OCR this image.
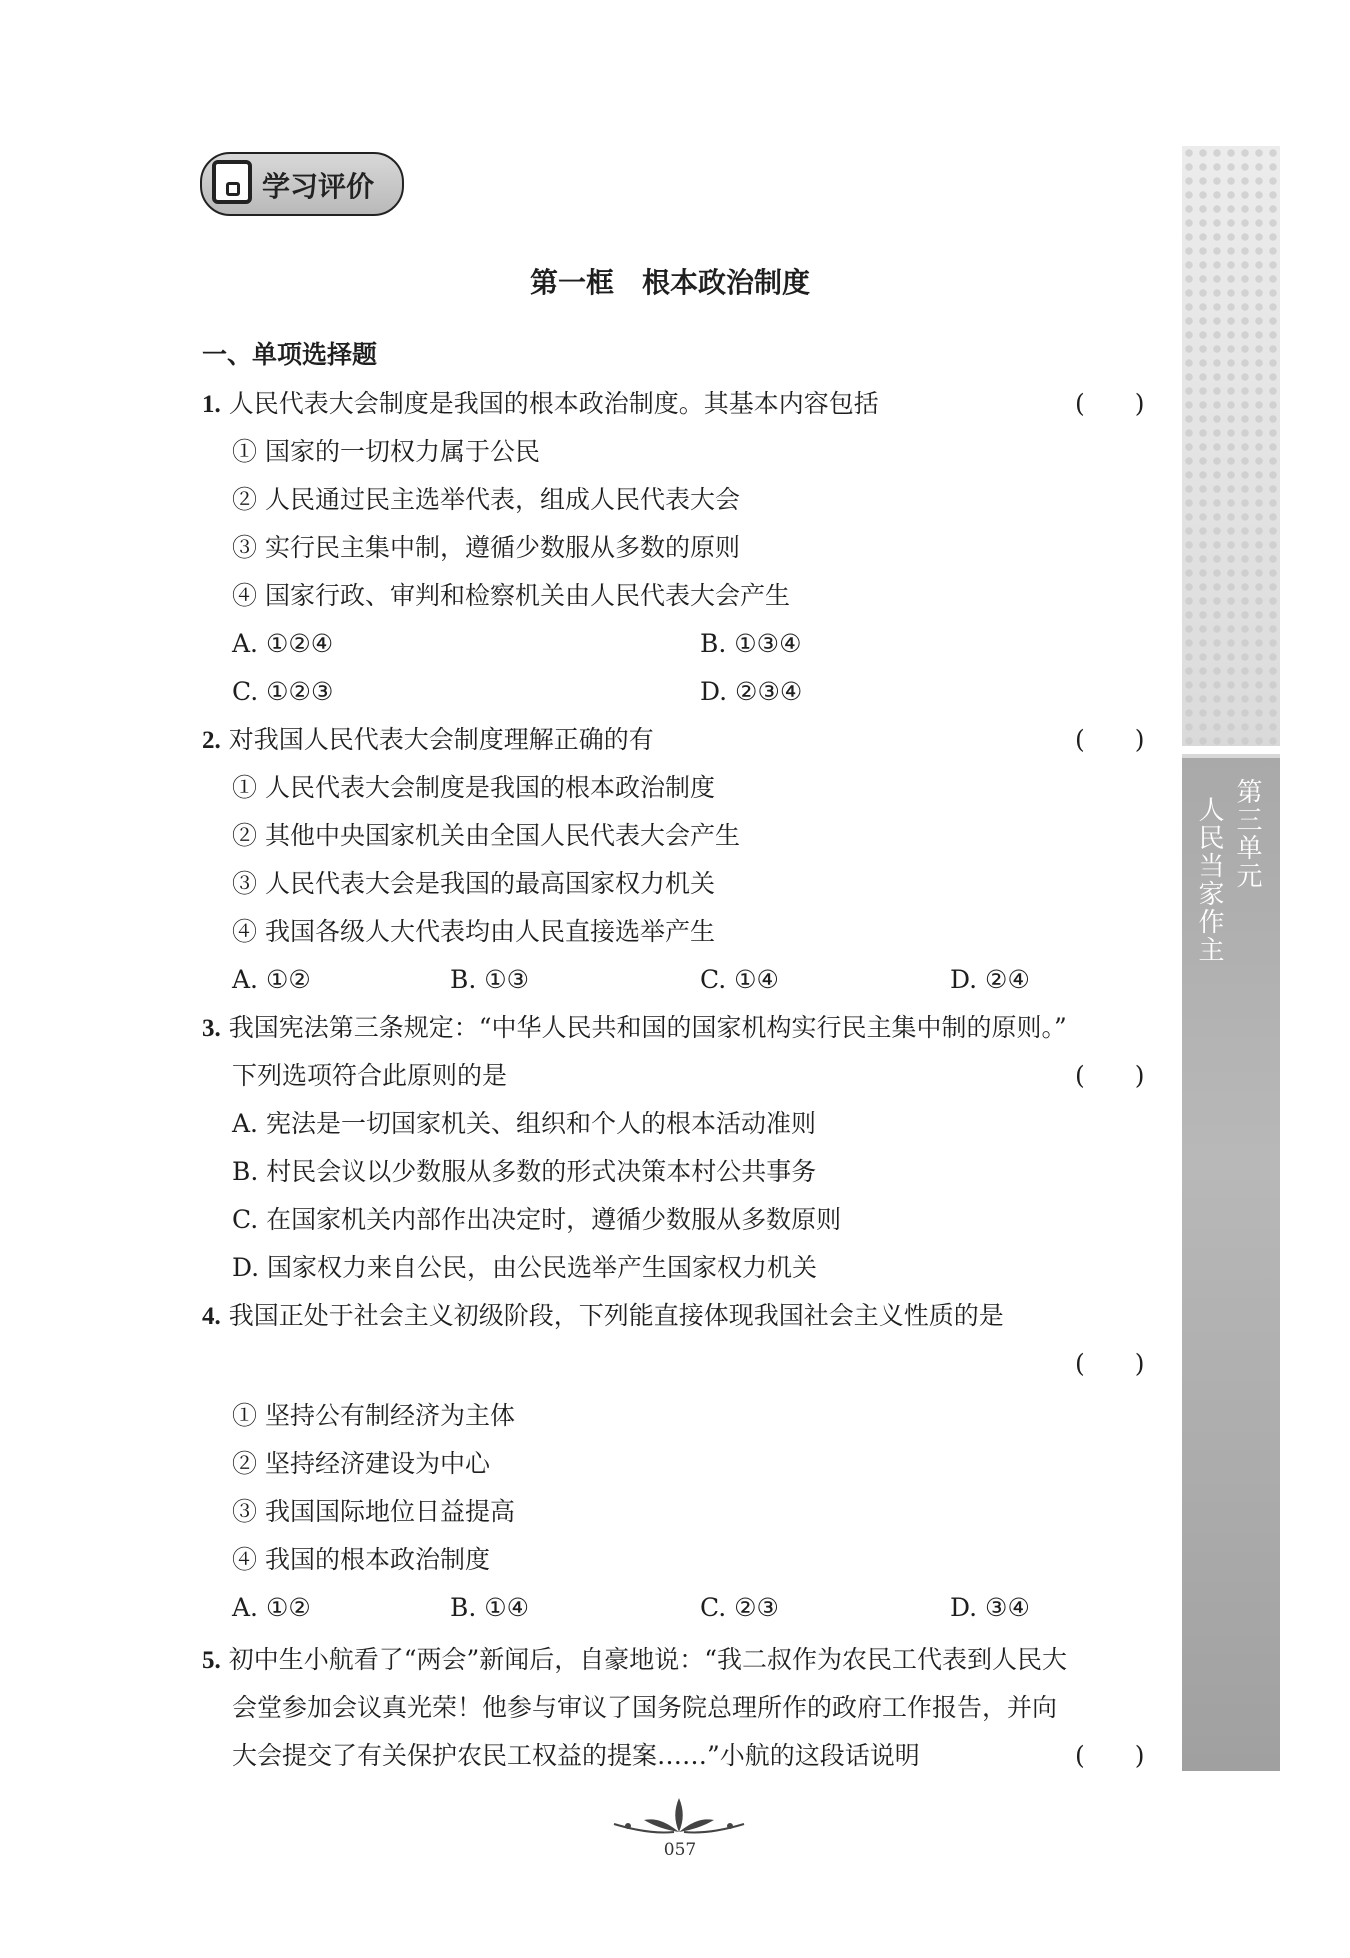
学习评价
第一框　根本政治制度
第三单元
人民当家作主
一、单项选择题
1. 人民代表大会制度是我国的根本政治制度。其基本内容包括	(　　)
① 国家的一切权力属于公民
② 人民通过民主选举代表，组成人民代表大会
③ 实行民主集中制，遵循少数服从多数的原则
④ 国家行政、审判和检察机关由人民代表大会产生
A. ①②④	B. ①③④
C. ①②③	D. ②③④
2. 对我国人民代表大会制度理解正确的有	(　　)
① 人民代表大会制度是我国的根本政治制度
② 其他中央国家机关由全国人民代表大会产生
③ 人民代表大会是我国的最高国家权力机关
④ 我国各级人大代表均由人民直接选举产生
A. ①②	B. ①③	C. ①④	D. ②④
3. 我国宪法第三条规定：“中华人民共和国的国家机构实行民主集中制的原则。”
下列选项符合此原则的是	(　　)
A. 宪法是一切国家机关、组织和个人的根本活动准则
B. 村民会议以少数服从多数的形式决策本村公共事务
C. 在国家机关内部作出决定时，遵循少数服从多数原则
D. 国家权力来自公民，由公民选举产生国家权力机关
4. 我国正处于社会主义初级阶段，下列能直接体现我国社会主义性质的是
(　　)
① 坚持公有制经济为主体
② 坚持经济建设为中心
③ 我国国际地位日益提高
④ 我国的根本政治制度
A. ①②	B. ①④	C. ②③	D. ③④
5. 初中生小航看了“两会”新闻后，自豪地说：“我二叔作为农民工代表到人民大
会堂参加会议真光荣！他参与审议了国务院总理所作的政府工作报告，并向
大会提交了有关保护农民工权益的提案……”小航的这段话说明	(　　)
057
